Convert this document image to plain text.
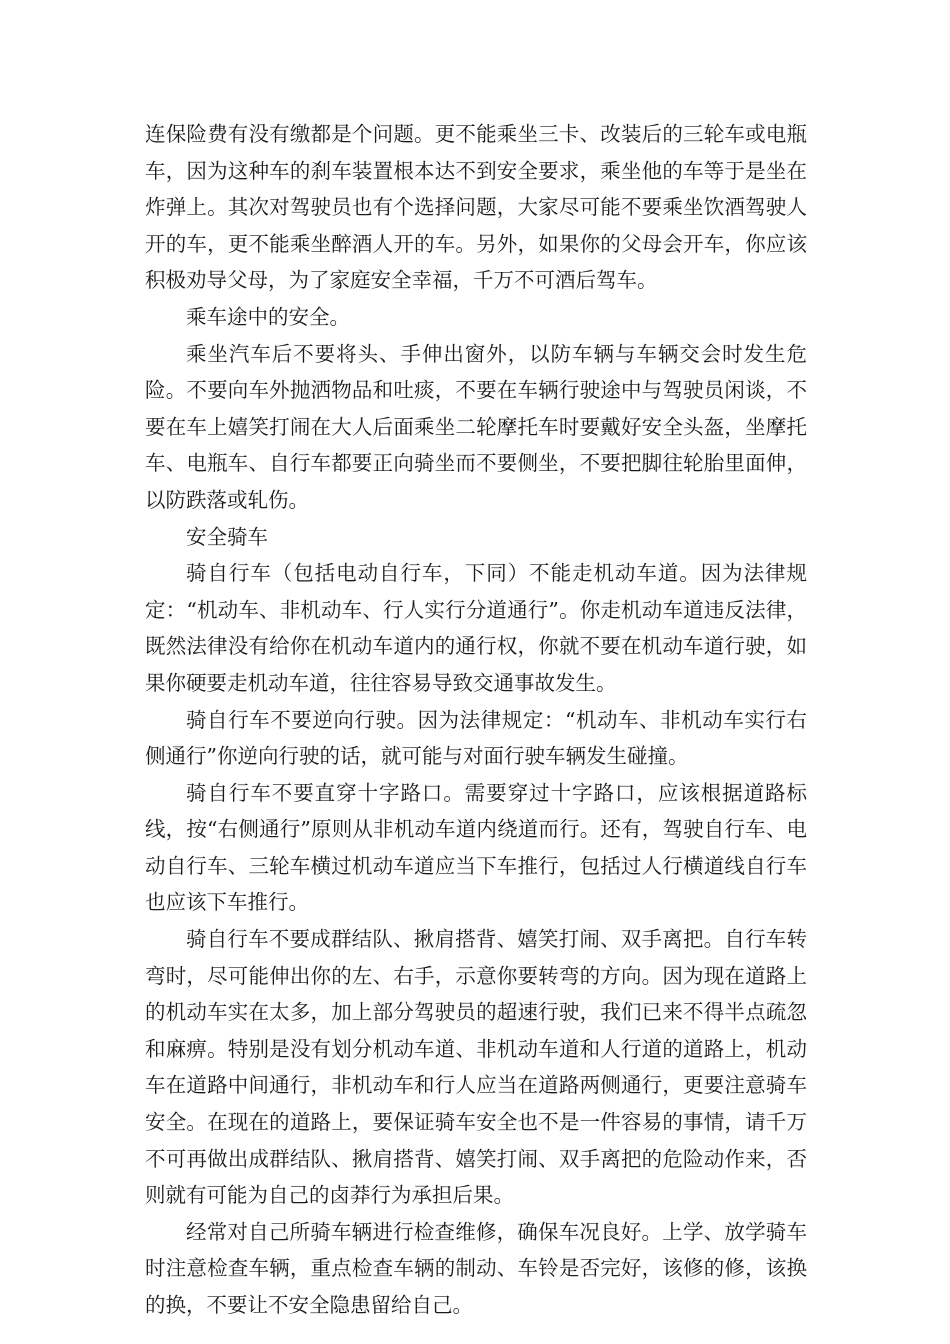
连保险费有没有缴都是个问题。更不能乘坐三卡、改装后的三轮车或电瓶车，因为这种车的刹车装置根本达不到安全要求，乘坐他的车等于是坐在炸弹上。其次对驾驶员也有个选择问题，大家尽可能不要乘坐饮酒驾驶人开的车，更不能乘坐醉酒人开的车。另外，如果你的父母会开车，你应该积极劝导父母，为了家庭安全幸福，千万不可酒后驾车。

乘车途中的安全。

乘坐汽车后不要将头、手伸出窗外，以防车辆与车辆交会时发生危险。不要向车外抛洒物品和吐痰，不要在车辆行驶途中与驾驶员闲谈，不要在车上嬉笑打闹在大人后面乘坐二轮摩托车时要戴好安全头盔，坐摩托车、电瓶车、自行车都要正向骑坐而不要侧坐，不要把脚往轮胎里面伸，以防跌落或轧伤。

安全骑车

骑自行车（包括电动自行车，下同）不能走机动车道。因为法律规定：“机动车、非机动车、行人实行分道通行”。你走机动车道违反法律，既然法律没有给你在机动车道内的通行权，你就不要在机动车道行驶，如果你硬要走机动车道，往往容易导致交通事故发生。

骑自行车不要逆向行驶。因为法律规定：“机动车、非机动车实行右侧通行”你逆向行驶的话，就可能与对面行驶车辆发生碰撞。

骑自行车不要直穿十字路口。需要穿过十字路口，应该根据道路标线，按“右侧通行”原则从非机动车道内绕道而行。还有，驾驶自行车、电动自行车、三轮车横过机动车道应当下车推行，包括过人行横道线自行车也应该下车推行。

骑自行车不要成群结队、揪肩搭背、嬉笑打闹、双手离把。自行车转弯时，尽可能伸出你的左、右手，示意你要转弯的方向。因为现在道路上的机动车实在太多，加上部分驾驶员的超速行驶，我们已来不得半点疏忽和麻痹。特别是没有划分机动车道、非机动车道和人行道的道路上，机动车在道路中间通行，非机动车和行人应当在道路两侧通行，更要注意骑车安全。在现在的道路上，要保证骑车安全也不是一件容易的事情，请千万不可再做出成群结队、揪肩搭背、嬉笑打闹、双手离把的危险动作来，否则就有可能为自己的卤莽行为承担后果。

经常对自己所骑车辆进行检查维修，确保车况良好。上学、放学骑车时注意检查车辆，重点检查车辆的制动、车铃是否完好，该修的修，该换的换，不要让不安全隐患留给自己。
